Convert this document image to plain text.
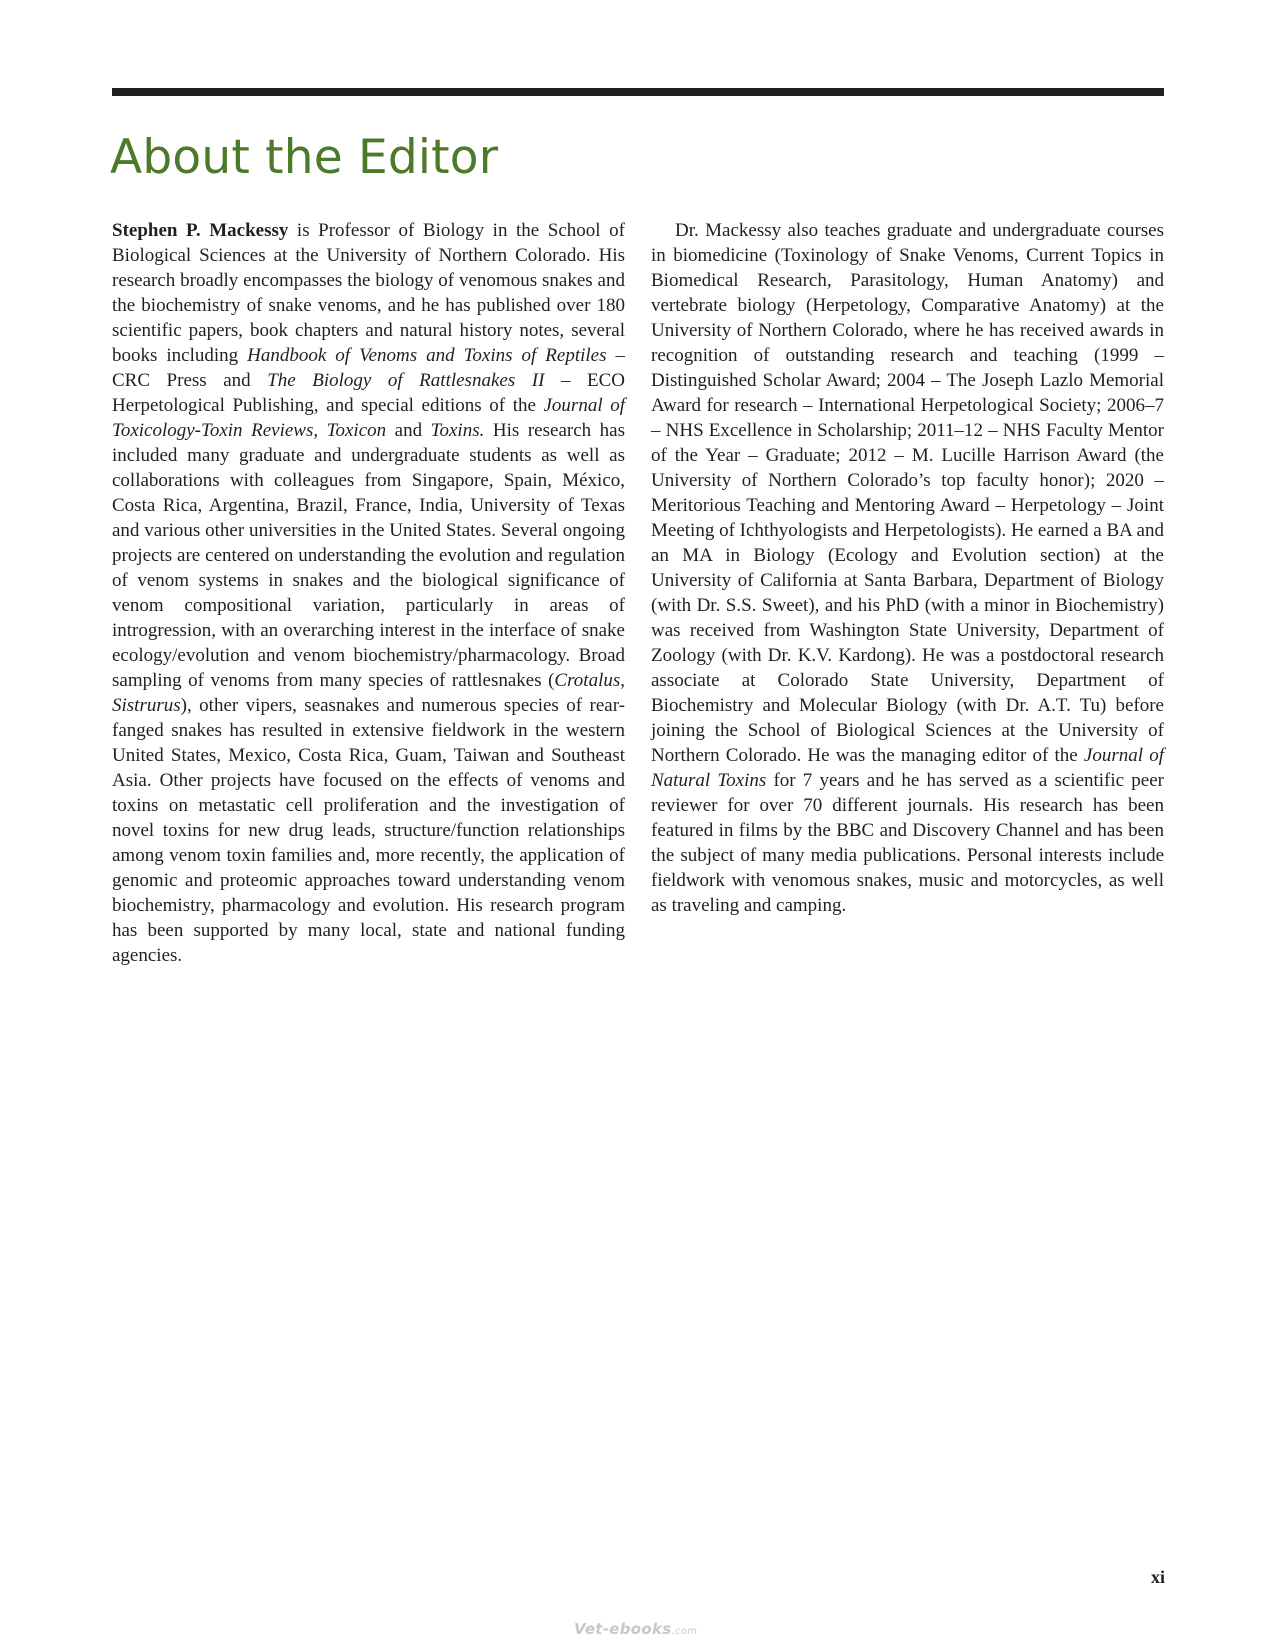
About the Editor

Stephen P. Mackessy is Professor of Biology in the School of Biological Sciences at the University of Northern Colorado. His research broadly encompasses the biology of venomous snakes and the biochemistry of snake venoms, and he has published over 180 scientific papers, book chapters and natural history notes, several books including Handbook of Venoms and Toxins of Reptiles – CRC Press and The Biology of Rattlesnakes II – ECO Herpetological Publishing, and special editions of the Journal of Toxicology-Toxin Reviews, Toxicon and Toxins. His research has included many graduate and undergraduate students as well as collaborations with colleagues from Singapore, Spain, México, Costa Rica, Argentina, Brazil, France, India, University of Texas and various other universities in the United States. Several ongoing projects are centered on understanding the evolution and regulation of venom systems in snakes and the biological significance of venom compositional variation, particularly in areas of introgression, with an overarching interest in the interface of snake ecology/evolution and venom biochemistry/pharmacology. Broad sampling of venoms from many species of rattlesnakes (Crotalus, Sistrurus), other vipers, seasnakes and numerous species of rear-fanged snakes has resulted in extensive fieldwork in the western United States, Mexico, Costa Rica, Guam, Taiwan and Southeast Asia. Other projects have focused on the effects of venoms and toxins on metastatic cell proliferation and the investigation of novel toxins for new drug leads, structure/function relationships among venom toxin families and, more recently, the application of genomic and proteomic approaches toward understanding venom biochemistry, pharmacology and evolution. His research program has been supported by many local, state and national funding agencies.

Dr. Mackessy also teaches graduate and undergraduate courses in biomedicine (Toxinology of Snake Venoms, Current Topics in Biomedical Research, Parasitology, Human Anatomy) and vertebrate biology (Herpetology, Comparative Anatomy) at the University of Northern Colorado, where he has received awards in recognition of outstanding research and teaching (1999 – Distinguished Scholar Award; 2004 – The Joseph Lazlo Memorial Award for research – International Herpetological Society; 2006–7 – NHS Excellence in Scholarship; 2011–12 – NHS Faculty Mentor of the Year – Graduate; 2012 – M. Lucille Harrison Award (the University of Northern Colorado’s top faculty honor); 2020 – Meritorious Teaching and Mentoring Award – Herpetology – Joint Meeting of Ichthyologists and Herpetologists). He earned a BA and an MA in Biology (Ecology and Evolution section) at the University of California at Santa Barbara, Department of Biology (with Dr. S.S. Sweet), and his PhD (with a minor in Biochemistry) was received from Washington State University, Department of Zoology (with Dr. K.V. Kardong). He was a postdoctoral research associate at Colorado State University, Department of Biochemistry and Molecular Biology (with Dr. A.T. Tu) before joining the School of Biological Sciences at the University of Northern Colorado. He was the managing editor of the Journal of Natural Toxins for 7 years and he has served as a scientific peer reviewer for over 70 different journals. His research has been featured in films by the BBC and Discovery Channel and has been the subject of many media publications. Personal interests include fieldwork with venomous snakes, music and motorcycles, as well as traveling and camping.

xi
Vet-ebooks.com
